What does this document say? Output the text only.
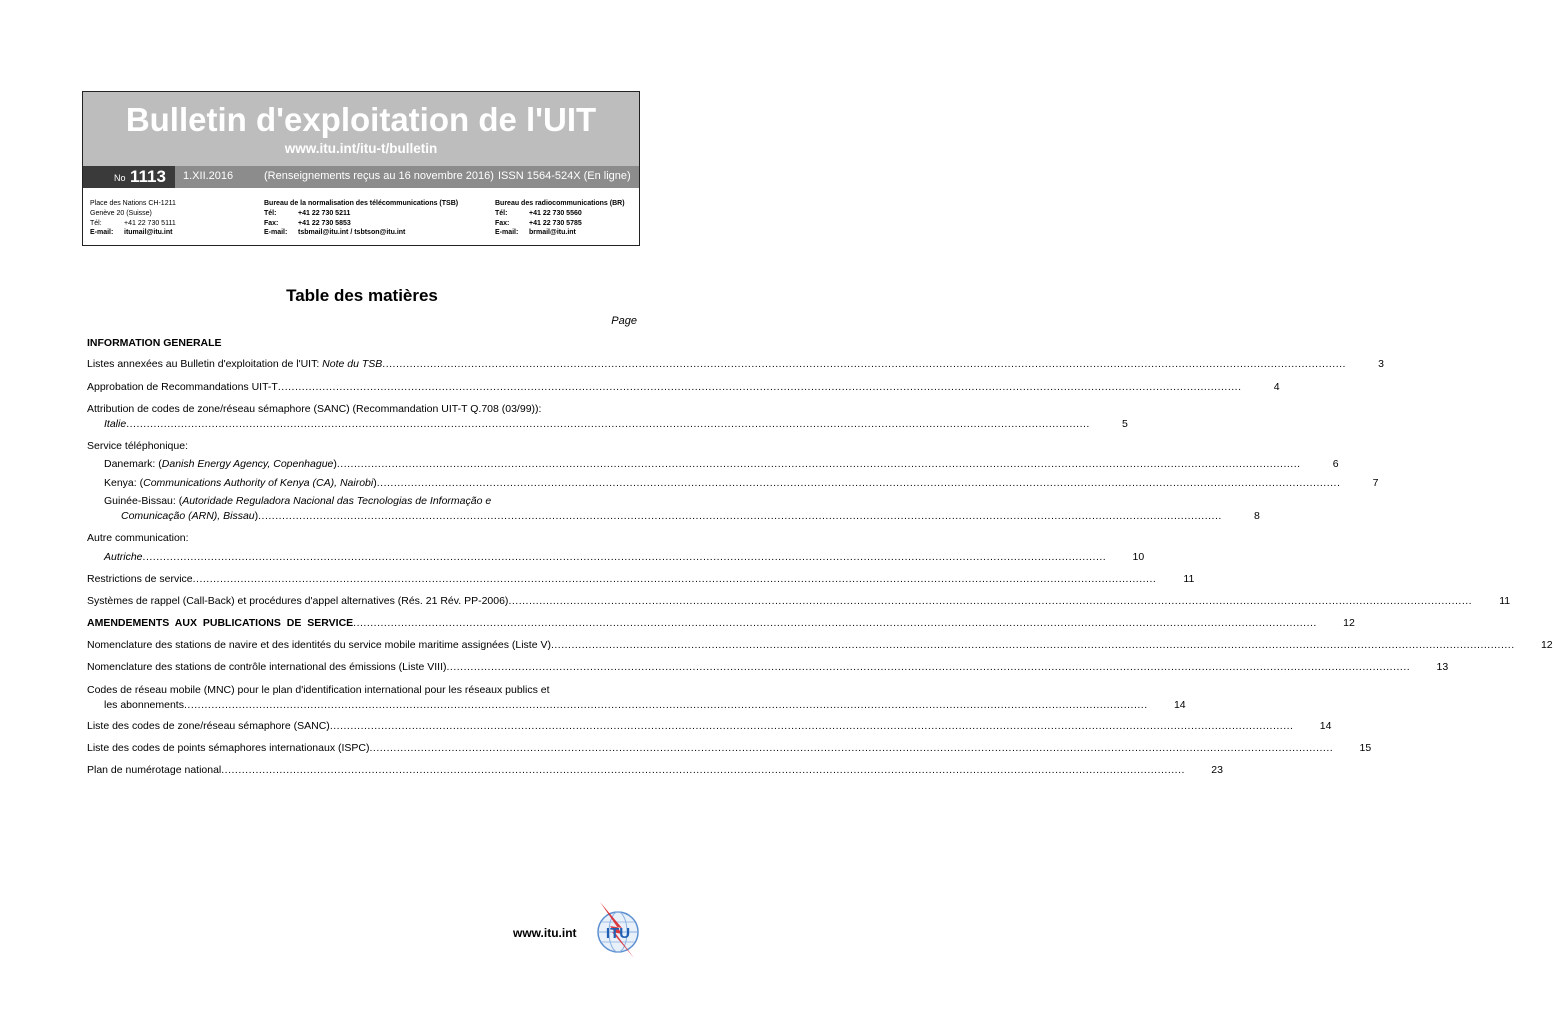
Bulletin d'exploitation de l'UIT
www.itu.int/itu-t/bulletin
No 1113 1.XII.2016	(Renseignements reçus au 16 novembre 2016) ISSN 1564-524X (En ligne)
Place des Nations CH-1211
Genève 20 (Suisse)
Tél:	+41 22 730 5111
E-mail: itumail@itu.int
Bureau de la normalisation des télécommunications (TSB)
Tél:	+41 22 730 5211
Fax:	+41 22 730 5853
E-mail: tsbmail@itu.int / tsbtson@itu.int
Bureau des radiocommunications (BR)
Tél:	+41 22 730 5560
Fax:	+41 22 730 5785
E-mail: brmail@itu.int
Table des matières
Page
INFORMATION GENERALE
Listes annexées au Bulletin d'exploitation de l'UIT: Note du TSB .....	3
Approbation de Recommandations UIT-T .....	4
Attribution de codes de zone/réseau sémaphore (SANC) (Recommandation UIT-T Q.708 (03/99)):
Italie .....	5
Service téléphonique:
Danemark: (Danish Energy Agency, Copenhague) .....	6
Kenya: (Communications Authority of Kenya (CA), Nairobi) .....	7
Guinée-Bissau: (Autoridade Reguladora Nacional das Tecnologias de Informação e
Comunicação (ARN), Bissau) .....	8
Autre communication:
Autriche .....	10
Restrictions de service .....	11
Systèmes de rappel (Call-Back) et procédures d'appel alternatives (Rés. 21 Rév. PP-2006) .....	11
AMENDEMENTS AUX PUBLICATIONS DE SERVICE .....	12
Nomenclature des stations de navire et des identités du service mobile maritime assignées (Liste V) .....	12
Nomenclature des stations de contrôle international des émissions (Liste VIII) .....	13
Codes de réseau mobile (MNC) pour le plan d'identification international pour les réseaux publics et
les abonnements .....	14
Liste des codes de zone/réseau sémaphore (SANC) .....	14
Liste des codes de points sémaphores internationaux (ISPC) .....	15
Plan de numérotage national .....	23
www.itu.int ITU
